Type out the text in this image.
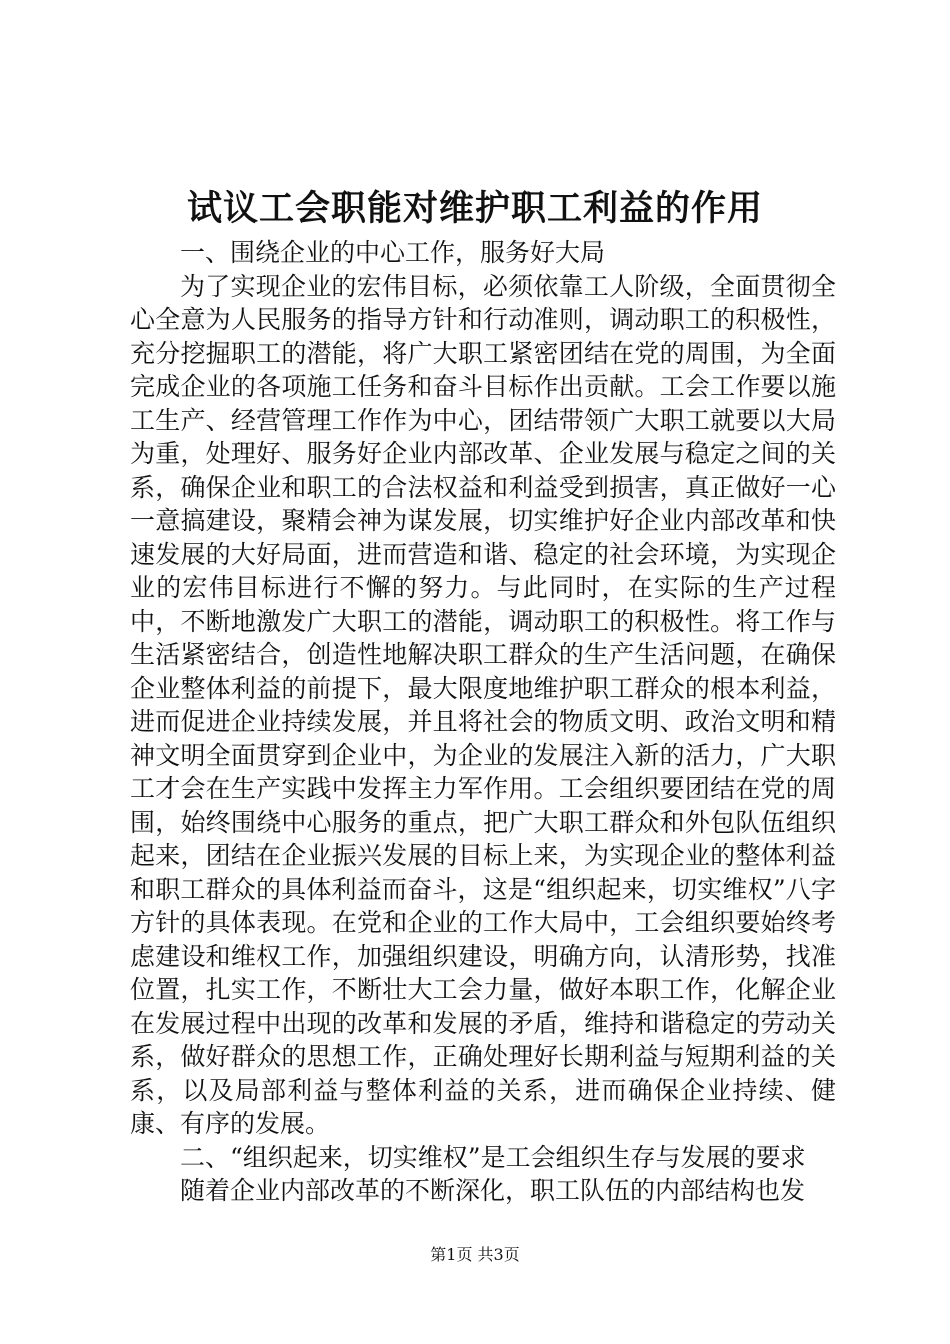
试议工会职能对维护职工利益的作用

一、围绕企业的中心工作，服务好大局

为了实现企业的宏伟目标，必须依靠工人阶级，全面贯彻全心全意为人民服务的指导方针和行动准则，调动职工的积极性，充分挖掘职工的潜能，将广大职工紧密团结在党的周围，为全面完成企业的各项施工任务和奋斗目标作出贡献。工会工作要以施工生产、经营管理工作作为中心，团结带领广大职工就要以大局为重，处理好、服务好企业内部改革、企业发展与稳定之间的关系，确保企业和职工的合法权益和利益受到损害，真正做好一心一意搞建设，聚精会神为谋发展，切实维护好企业内部改革和快速发展的大好局面，进而营造和谐、稳定的社会环境，为实现企业的宏伟目标进行不懈的努力。与此同时，在实际的生产过程中，不断地激发广大职工的潜能，调动职工的积极性。将工作与生活紧密结合，创造性地解决职工群众的生产生活问题，在确保企业整体利益的前提下，最大限度地维护职工群众的根本利益，进而促进企业持续发展，并且将社会的物质文明、政治文明和精神文明全面贯穿到企业中，为企业的发展注入新的活力，广大职工才会在生产实践中发挥主力军作用。工会组织要团结在党的周围，始终围绕中心服务的重点，把广大职工群众和外包队伍组织起来，团结在企业振兴发展的目标上来，为实现企业的整体利益和职工群众的具体利益而奋斗，这是“组织起来，切实维权”八字方针的具体表现。在党和企业的工作大局中，工会组织要始终考虑建设和维权工作，加强组织建设，明确方向，认清形势，找准位置，扎实工作，不断壮大工会力量，做好本职工作，化解企业在发展过程中出现的改革和发展的矛盾，维持和谐稳定的劳动关系，做好群众的思想工作，正确处理好长期利益与短期利益的关系，以及局部利益与整体利益的关系，进而确保企业持续、健康、有序的发展。

二、“组织起来，切实维权”是工会组织生存与发展的要求

随着企业内部改革的不断深化，职工队伍的内部结构也发

第1页 共3页
